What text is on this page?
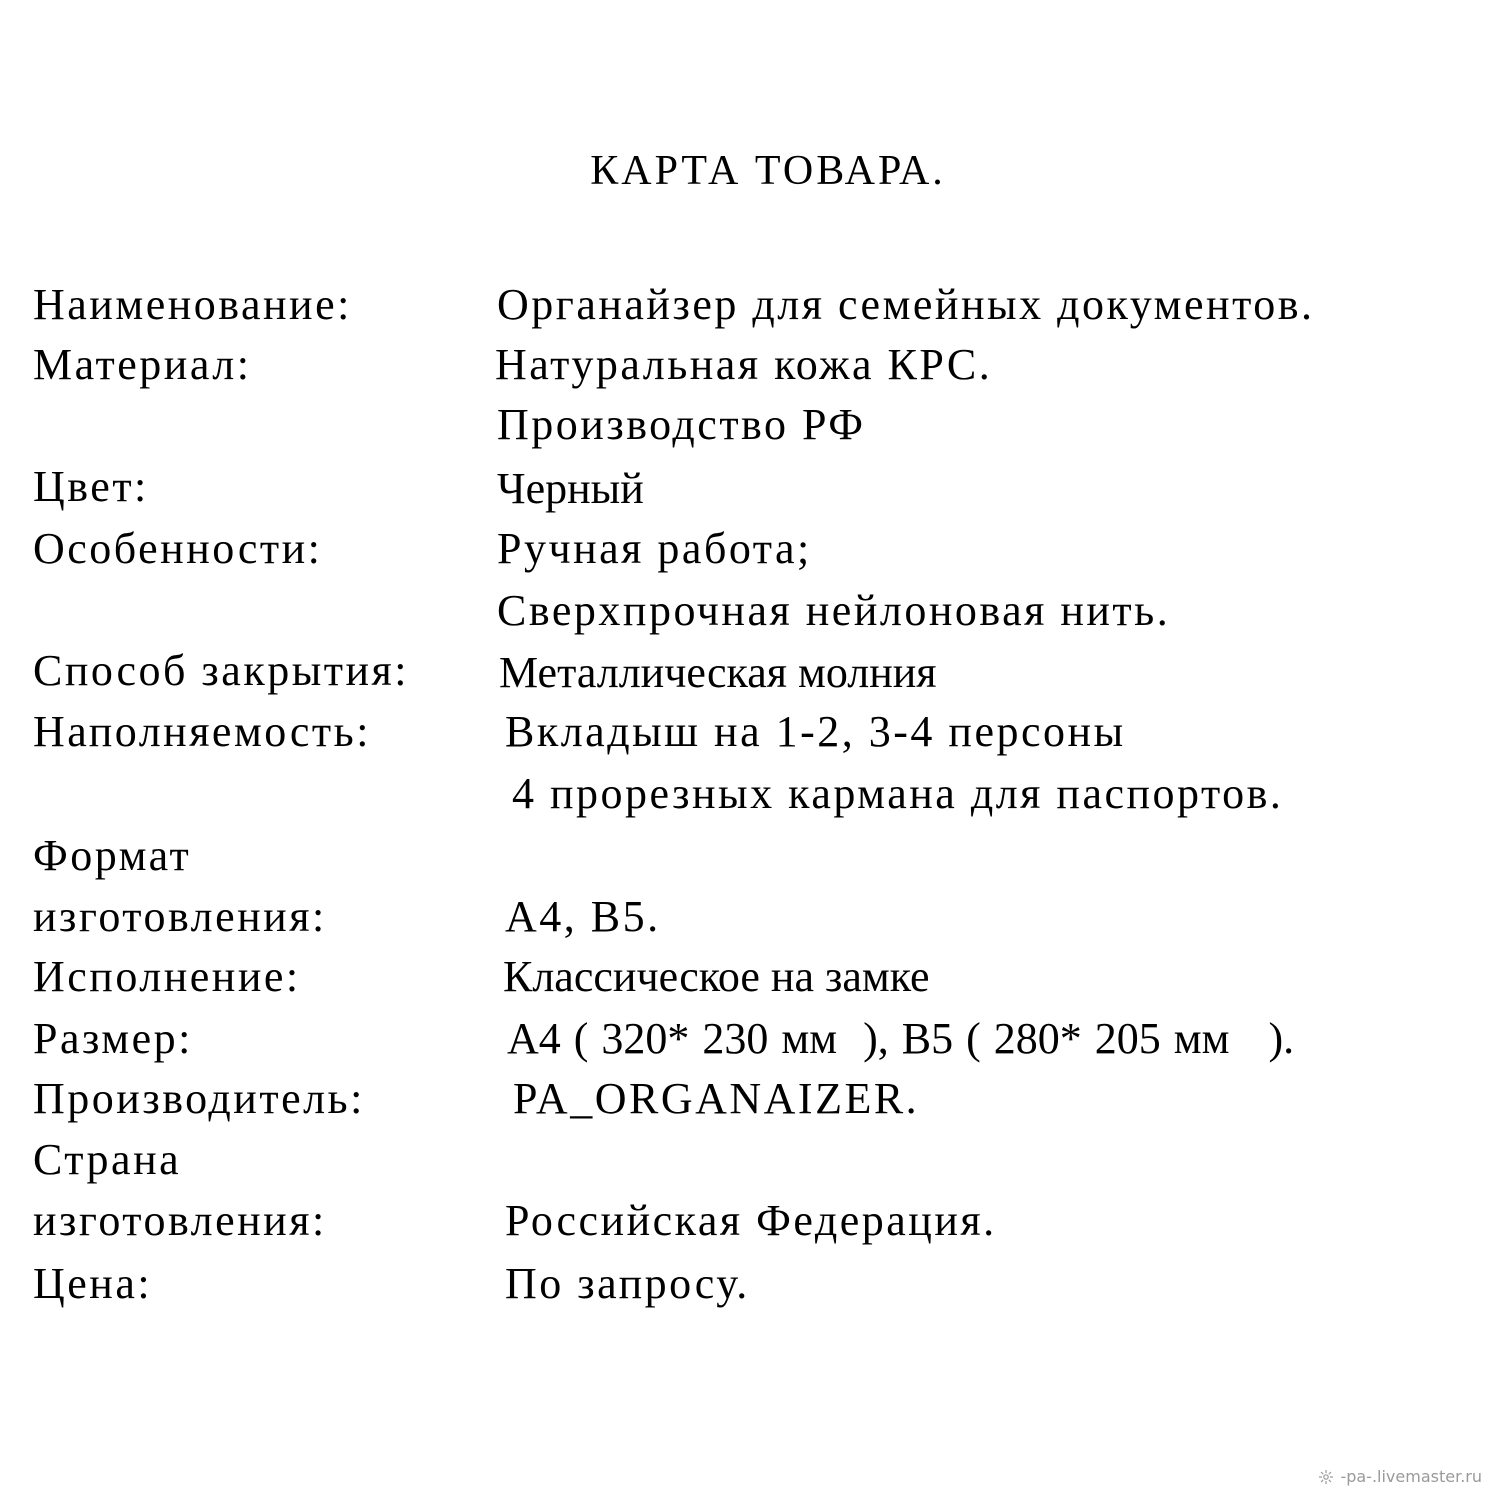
КАРТА ТОВАРА.
Наименование:	Органайзер для семейных документов.
Материал:	Натуральная кожа КРС.
Производство РФ
Цвет:	Черный
Особенности:	Ручная работа;
Сверхпрочная нейлоновая нить.
Способ закрытия: Металлическая молния
Наполняемость:	Вкладыш на 1-2, 3-4 персоны
4 прорезных кармана для паспортов.
Формат
изготовления:	А4, В5.
Исполнение:	Классическое на замке
Размер:	А4 ( 320* 230 мм  ), В5 ( 280* 205 мм   ).
Производитель:	PA_ORGANAIZER.
Страна
изготовления:	Российская Федерация.
Цена:	По запросу.
-pa-.livemaster.ru
